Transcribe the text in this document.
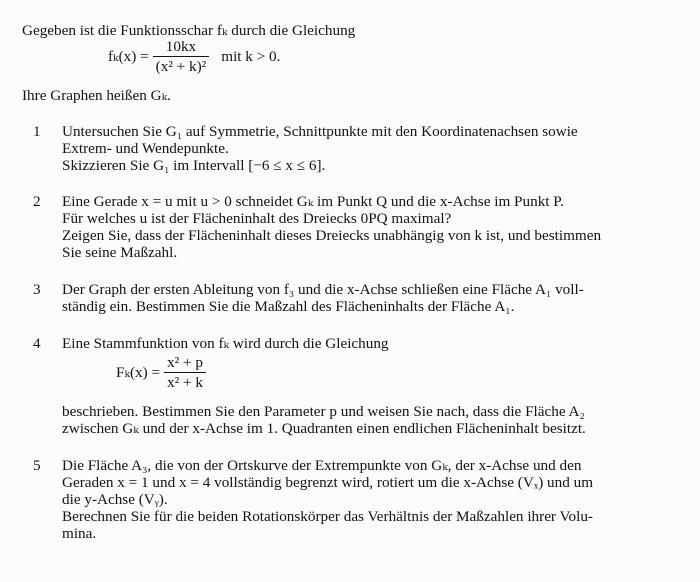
Gegeben ist die Funktionsschar fₖ durch die Gleichung
$f_k(x) = \frac{10kx}{\text{(x² + k)²}}$ mit k > 0.
Ihre Graphen heißen Gₖ.
1 Untersuchen Sie G₁ auf Symmetrie, Schnittpunkte mit den Koordinatenachsen sowie
Extrem- und Wendepunkte.
Skizzieren Sie G₁ im Intervall [−6 ≤ x ≤ 6].
2 Eine Gerade x = u mit u > 0 schneidet Gₖ im Punkt Q und die x-Achse im Punkt P.
Für welches u ist der Flächeninhalt des Dreiecks 0PQ maximal?
Zeigen Sie, dass der Flächeninhalt dieses Dreiecks unabhängig von k ist, und bestimmen
Sie seine Maßzahl.
3 Der Graph der ersten Ableitung von f₃ und die x-Achse schließen eine Fläche A₁ voll-
ständig ein. Bestimmen Sie die Maßzahl des Flächeninhalts der Fläche A₁.
4 Eine Stammfunktion von fₖ wird durch die Gleichung
$F_k(x) = \frac{\text{x² + p}}{\text{x² + k}}$
beschrieben. Bestimmen Sie den Parameter p und weisen Sie nach, dass die Fläche A₂
zwischen Gₖ und der x-Achse im 1. Quadranten einen endlichen Flächeninhalt besitzt.
5 Die Fläche A₃, die von der Ortskurve der Extrempunkte von Gₖ, der x-Achse und den
Geraden x = 1 und x = 4 vollständig begrenzt wird, rotiert um die x-Achse (Vₓ) und um
die y-Achse (Vᵧ).
Berechnen Sie für die beiden Rotationskörper das Verhältnis der Maßzahlen ihrer Volu-
mina.
